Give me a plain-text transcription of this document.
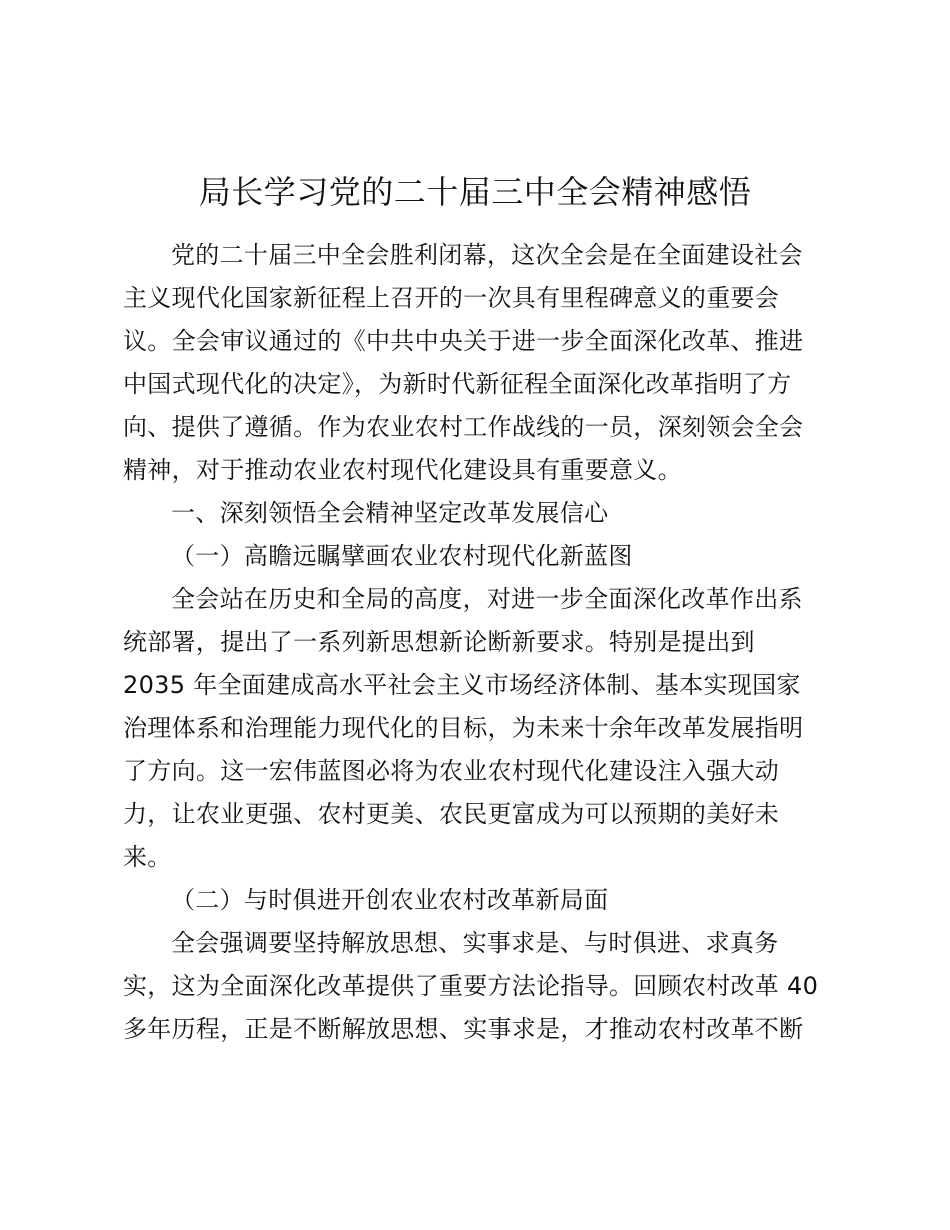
局长学习党的二十届三中全会精神感悟
党的二十届三中全会胜利闭幕，这次全会是在全面建设社会
主义现代化国家新征程上召开的一次具有里程碑意义的重要会
议。全会审议通过的《中共中央关于进一步全面深化改革、推进
中国式现代化的决定》，为新时代新征程全面深化改革指明了方
向、提供了遵循。作为农业农村工作战线的一员，深刻领会全会
精神，对于推动农业农村现代化建设具有重要意义。
一、深刻领悟全会精神坚定改革发展信心
（一）高瞻远瞩擘画农业农村现代化新蓝图
全会站在历史和全局的高度，对进一步全面深化改革作出系
统部署，提出了一系列新思想新论断新要求。特别是提出到
2035 年全面建成高水平社会主义市场经济体制、基本实现国家
治理体系和治理能力现代化的目标，为未来十余年改革发展指明
了方向。这一宏伟蓝图必将为农业农村现代化建设注入强大动
力，让农业更强、农村更美、农民更富成为可以预期的美好未
来。
（二）与时俱进开创农业农村改革新局面
全会强调要坚持解放思想、实事求是、与时俱进、求真务
实，这为全面深化改革提供了重要方法论指导。回顾农村改革 40
多年历程，正是不断解放思想、实事求是，才推动农村改革不断
